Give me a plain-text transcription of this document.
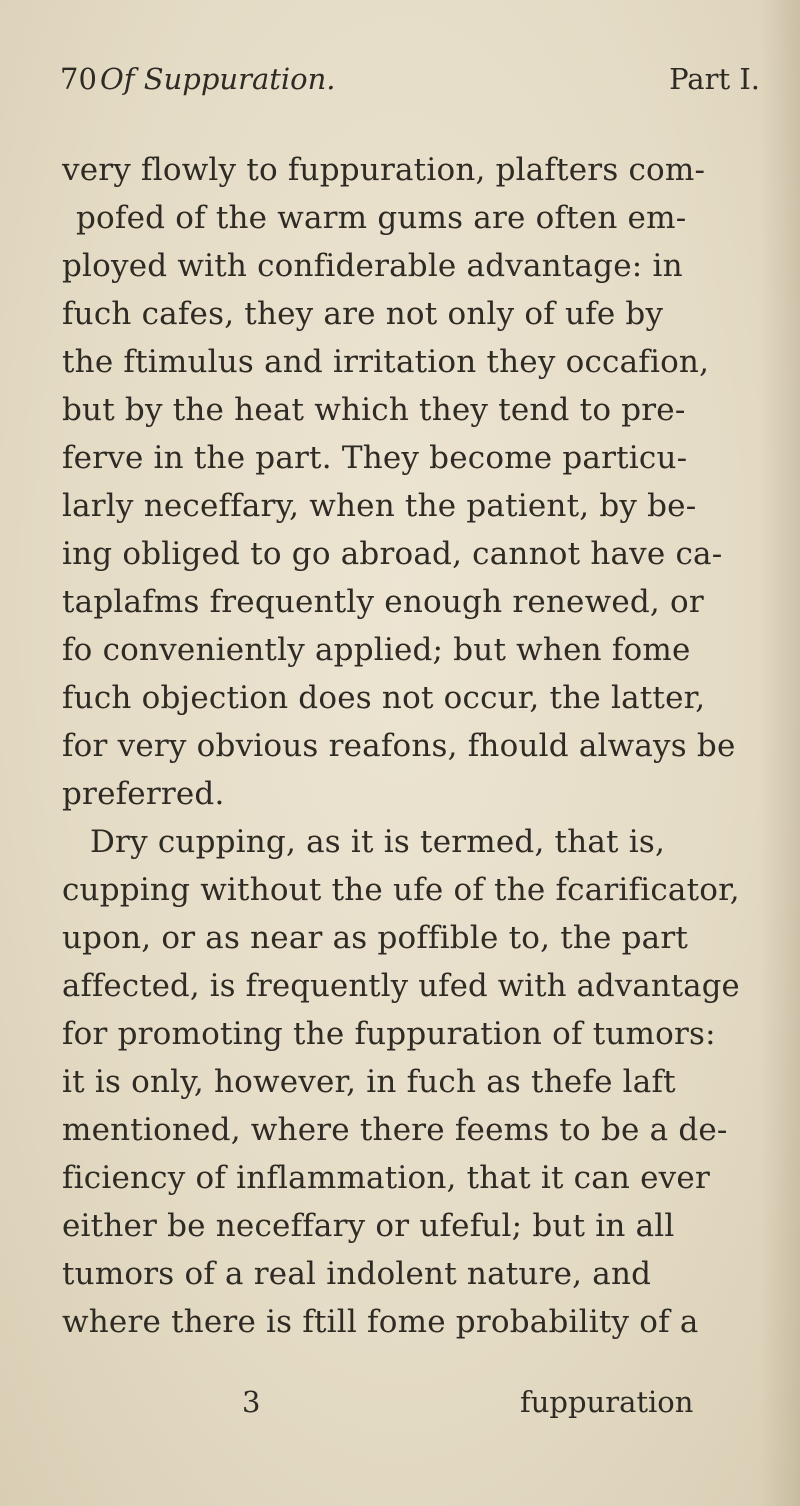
70 Of Suppuration.	Part I.
very flowly to fuppuration, plafters com-
pofed of the warm gums are often em-
ployed with confiderable advantage: in
fuch cafes, they are not only of ufe by
the ftimulus and irritation they occafion,
but by the heat which they tend to pre-
ferve in the part. They become particu-
larly neceffary, when the patient, by be-
ing obliged to go abroad, cannot have ca-
taplafms frequently enough renewed, or
fo conveniently applied; but when fome
fuch objection does not occur, the latter,
for very obvious reafons, fhould always be
preferred.
Dry cupping, as it is termed, that is,
cupping without the ufe of the fcarificator,
upon, or as near as poffible to, the part
affected, is frequently ufed with advantage
for promoting the fuppuration of tumors:
it is only, however, in fuch as thefe laft
mentioned, where there feems to be a de-
ficiency of inflammation, that it can ever
either be neceffary or ufeful; but in all
tumors of a real indolent nature, and
where there is ftill fome probability of a
3	fuppuration
